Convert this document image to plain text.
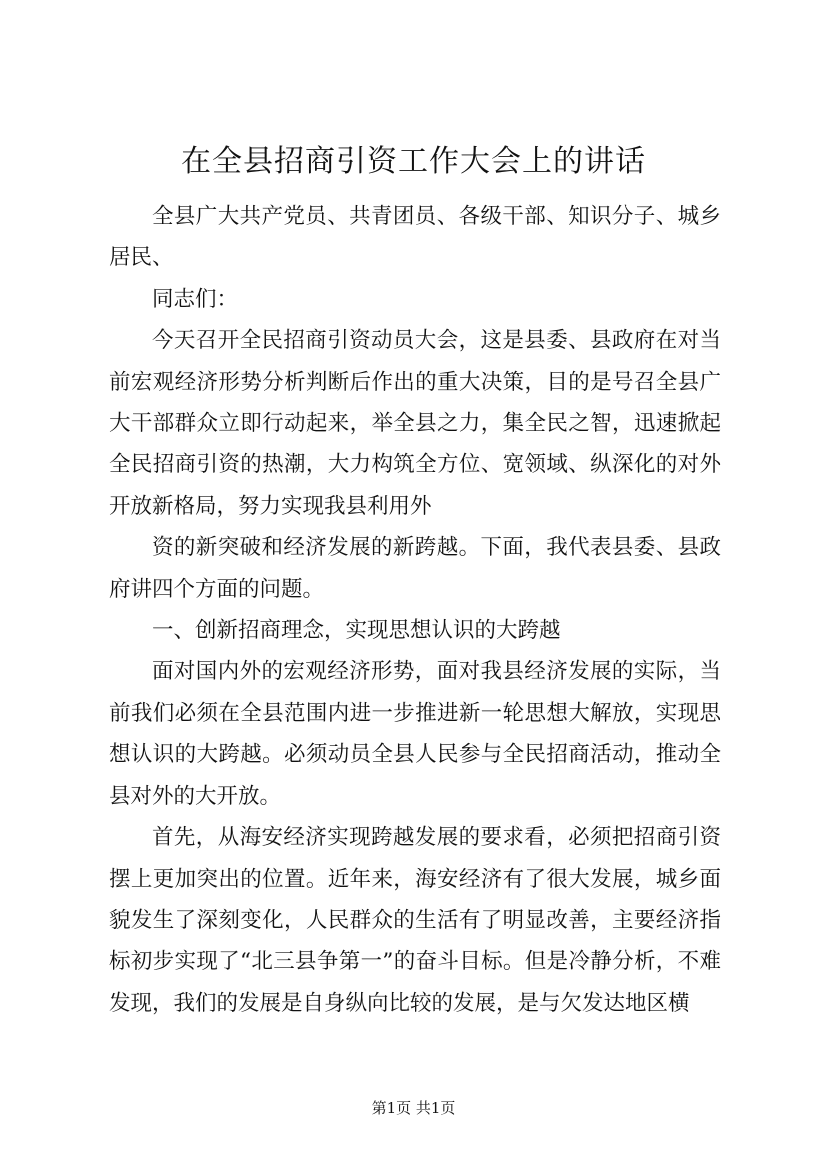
在全县招商引资工作大会上的讲话

全县广大共产党员、共青团员、各级干部、知识分子、城乡居民、

同志们：

今天召开全民招商引资动员大会，这是县委、县政府在对当前宏观经济形势分析判断后作出的重大决策，目的是号召全县广大干部群众立即行动起来，举全县之力，集全民之智，迅速掀起全民招商引资的热潮，大力构筑全方位、宽领域、纵深化的对外开放新格局，努力实现我县利用外

资的新突破和经济发展的新跨越。下面，我代表县委、县政府讲四个方面的问题。

一、创新招商理念，实现思想认识的大跨越

面对国内外的宏观经济形势，面对我县经济发展的实际，当前我们必须在全县范围内进一步推进新一轮思想大解放，实现思想认识的大跨越。必须动员全县人民参与全民招商活动，推动全县对外的大开放。

首先，从海安经济实现跨越发展的要求看，必须把招商引资摆上更加突出的位置。近年来，海安经济有了很大发展，城乡面貌发生了深刻变化，人民群众的生活有了明显改善，主要经济指标初步实现了“北三县争第一”的奋斗目标。但是冷静分析，不难发现，我们的发展是自身纵向比较的发展，是与欠发达地区横

第1页 共1页
